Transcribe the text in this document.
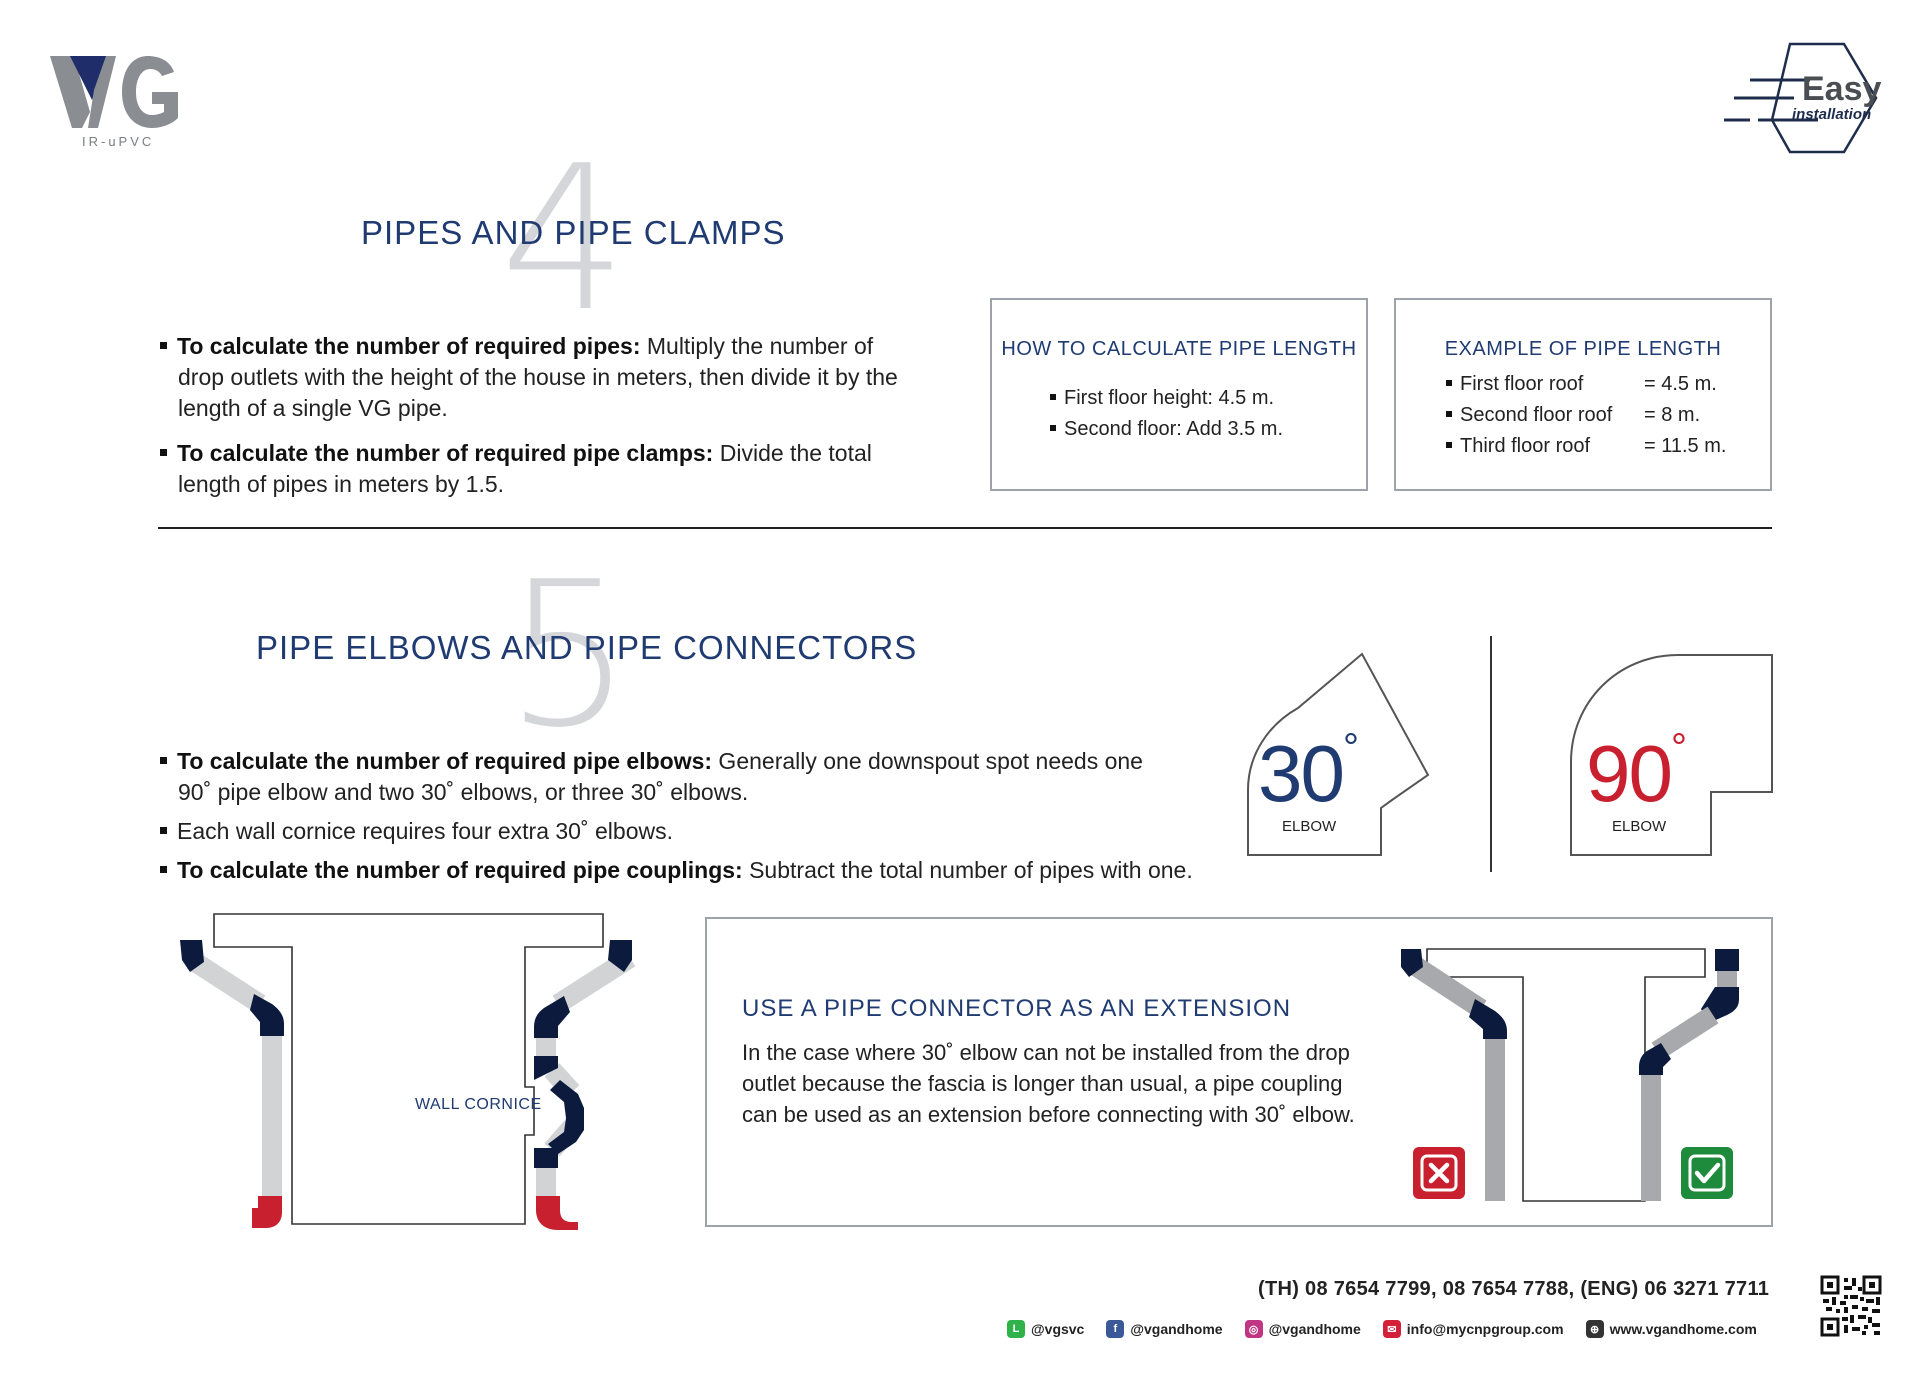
IR-uPVC
Easy
installation
4
PIPES AND PIPE CLAMPS

To calculate the number of required pipes: Multiply the number of drop outlets with the height of the house in meters, then divide it by the length of a single VG pipe.

To calculate the number of required pipe clamps: Divide the total length of pipes in meters by 1.5.

HOW TO CALCULATE PIPE LENGTH
First floor height: 4.5 m.
Second floor: Add 3.5 m.
EXAMPLE OF PIPE LENGTH
First floor roof	= 4.5 m.
Second floor roof = 8 m.
Third floor roof	= 11.5 m.
5
PIPE ELBOWS AND PIPE CONNECTORS

To calculate the number of required pipe elbows: Generally one downspout spot needs one 90˚ pipe elbow and two 30˚ elbows, or three 30˚ elbows.

Each wall cornice requires four extra 30˚ elbows.

To calculate the number of required pipe couplings: Subtract the total number of pipes with one.

30°
ELBOW
90°
ELBOW
WALL CORNICE
USE A PIPE CONNECTOR AS AN EXTENSION

In the case where 30˚ elbow can not be installed from the drop outlet because the fascia is longer than usual, a pipe coupling can be used as an extension before connecting with 30˚ elbow.

(TH) 08 7654 7799, 08 7654 7788, (ENG) 06 3271 7711
L @vgsvc	f @vgandhome	◎ @vgandhome	✉ info@mycnpgroup.com	⊕ www.vgandhome.com
